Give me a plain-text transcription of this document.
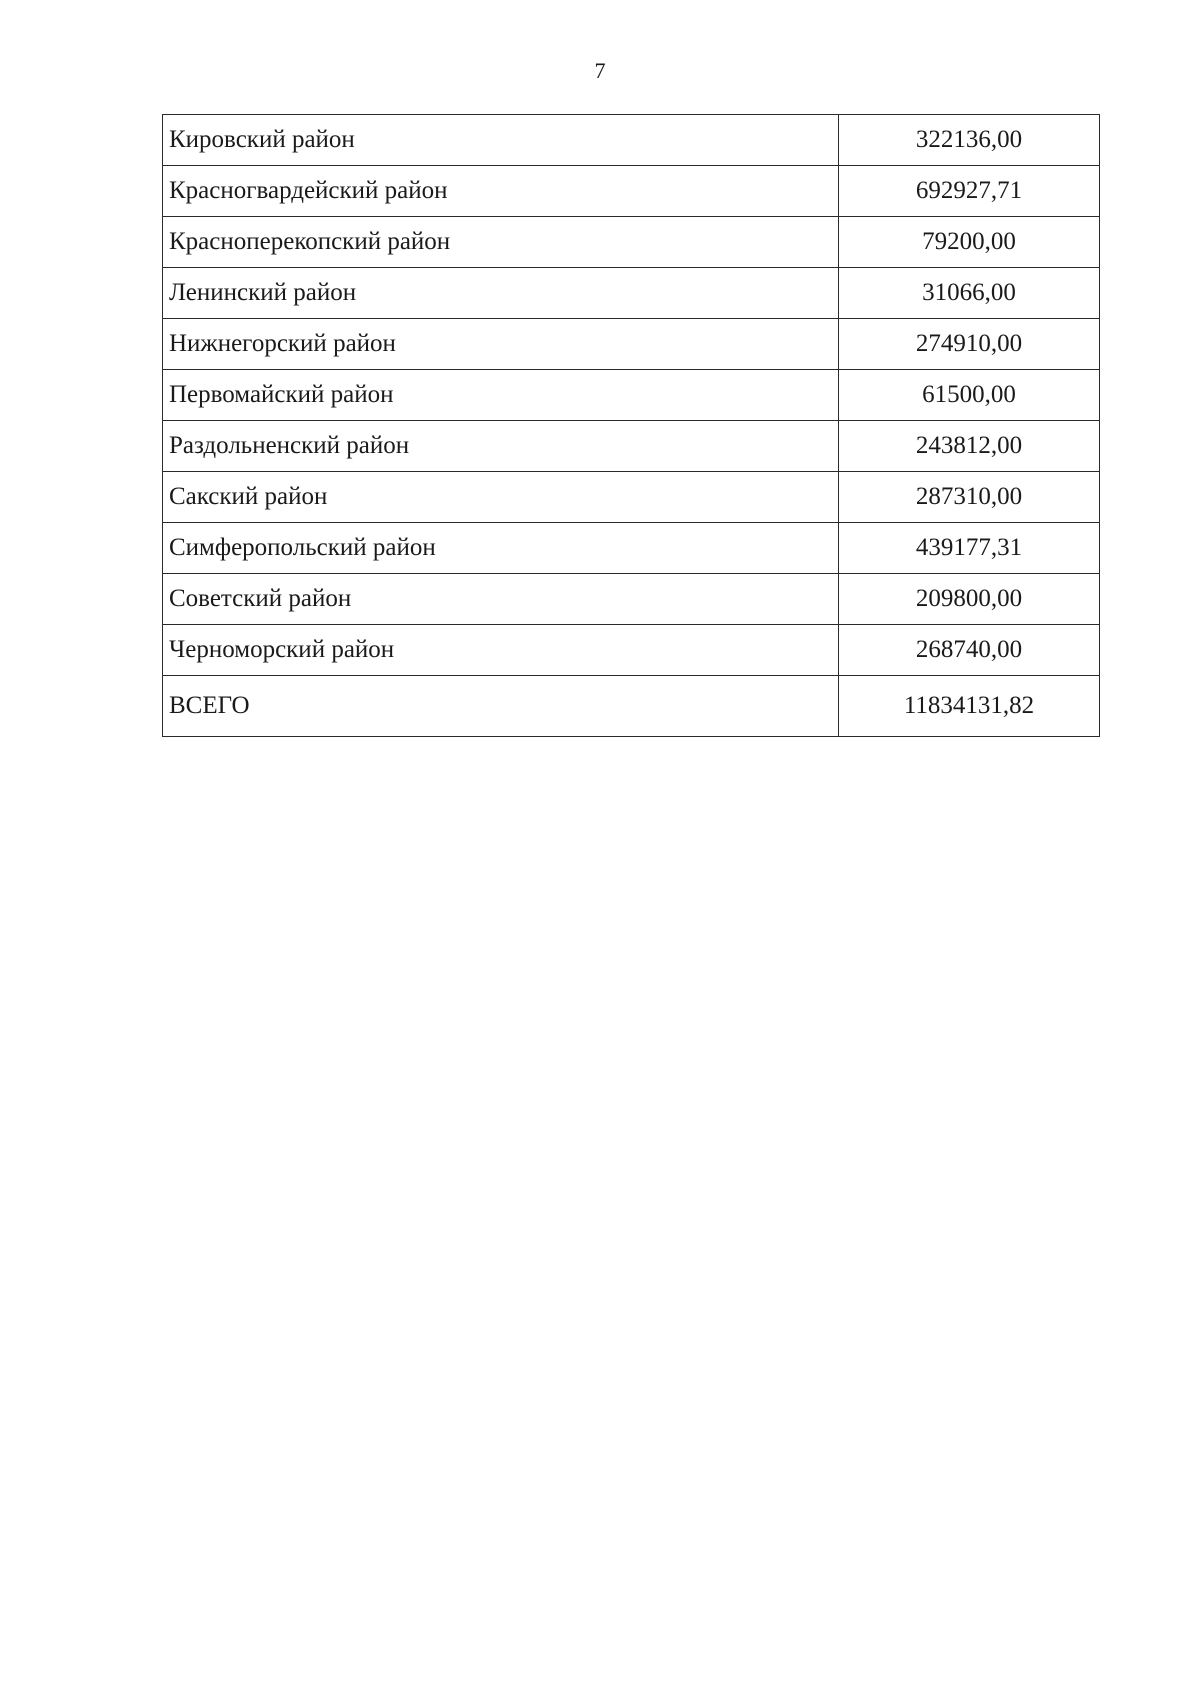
7
Кировский район	322136,00
Красногвардейский район	692927,71
Красноперекопский район	79200,00
Ленинский район	31066,00
Нижнегорский район	274910,00
Первомайский район	61500,00
Раздольненский район	243812,00
Сакский район	287310,00
Симферопольский район	439177,31
Советский район	209800,00
Черноморский район	268740,00
ВСЕГО	11834131,82
